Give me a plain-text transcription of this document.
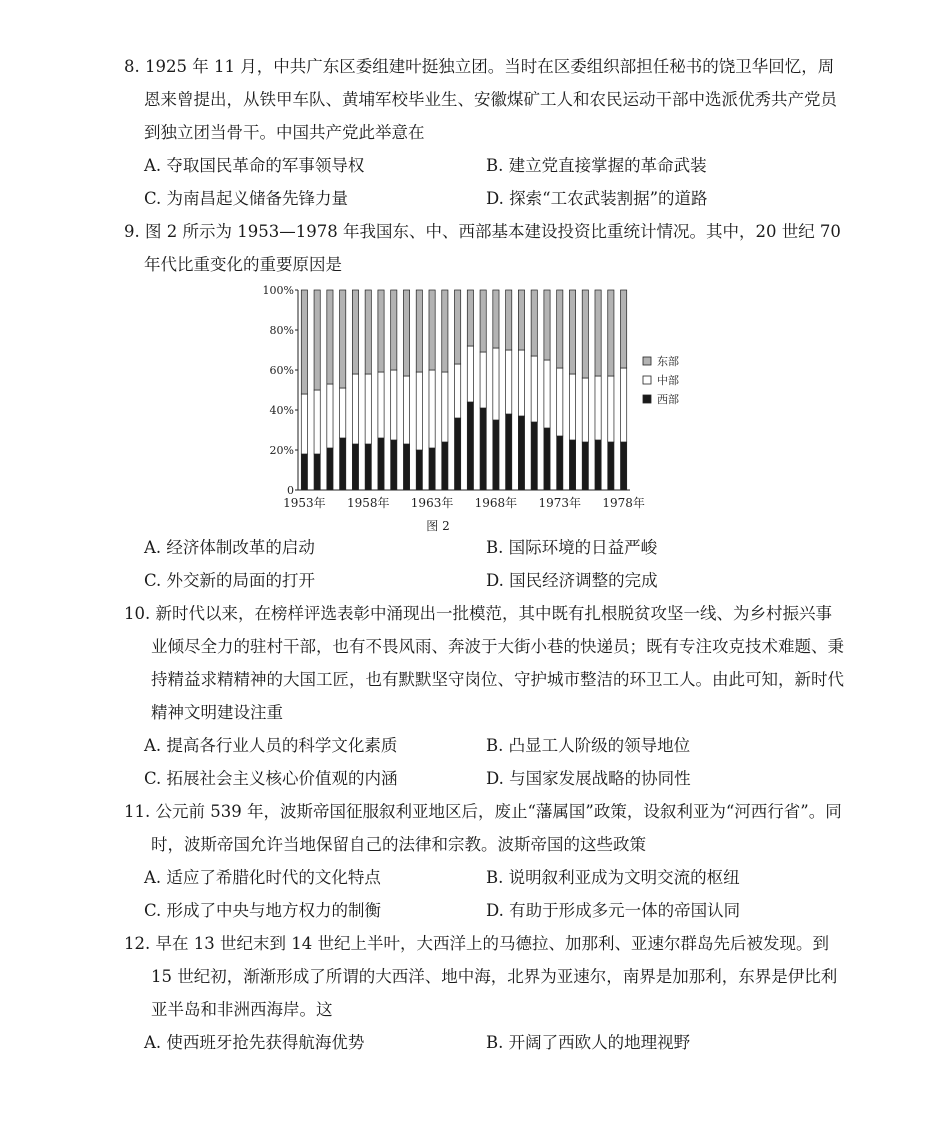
8. 1925 年 11 月，中共广东区委组建叶挺独立团。当时在区委组织部担任秘书的饶卫华回忆，周恩来曾提出，从铁甲车队、黄埔军校毕业生、安徽煤矿工人和农民运动干部中选派优秀共产党员到独立团当骨干。中国共产党此举意在

A. 夺取国民革命的军事领导权	B. 建立党直接掌握的革命武装
C. 为南昌起义储备先锋力量	D. 探索“工农武装割据”的道路

9. 图 2 所示为 1953—1978 年我国东、中、西部基本建设投资比重统计情况。其中，20 世纪 70 年代比重变化的重要原因是

0
20%
40%
60%
80%
100%
1953年 1958年 1963年 1968年 1973年 1978年
东部
中部
西部
图 2
A. 经济体制改革的启动	B. 国际环境的日益严峻
C. 外交新的局面的打开	D. 国民经济调整的完成

10. 新时代以来，在榜样评选表彰中涌现出一批模范，其中既有扎根脱贫攻坚一线、为乡村振兴事业倾尽全力的驻村干部，也有不畏风雨、奔波于大街小巷的快递员；既有专注攻克技术难题、秉持精益求精精神的大国工匠，也有默默坚守岗位、守护城市整洁的环卫工人。由此可知，新时代精神文明建设注重

A. 提高各行业人员的科学文化素质	B. 凸显工人阶级的领导地位
C. 拓展社会主义核心价值观的内涵	D. 与国家发展战略的协同性

11. 公元前 539 年，波斯帝国征服叙利亚地区后，废止“藩属国”政策，设叙利亚为“河西行省”。同时，波斯帝国允许当地保留自己的法律和宗教。波斯帝国的这些政策

A. 适应了希腊化时代的文化特点	B. 说明叙利亚成为文明交流的枢纽
C. 形成了中央与地方权力的制衡	D. 有助于形成多元一体的帝国认同

12. 早在 13 世纪末到 14 世纪上半叶，大西洋上的马德拉、加那利、亚速尔群岛先后被发现。到 15 世纪初，渐渐形成了所谓的大西洋、地中海，北界为亚速尔，南界是加那利，东界是伊比利亚半岛和非洲西海岸。这

A. 使西班牙抢先获得航海优势	B. 开阔了西欧人的地理视野
